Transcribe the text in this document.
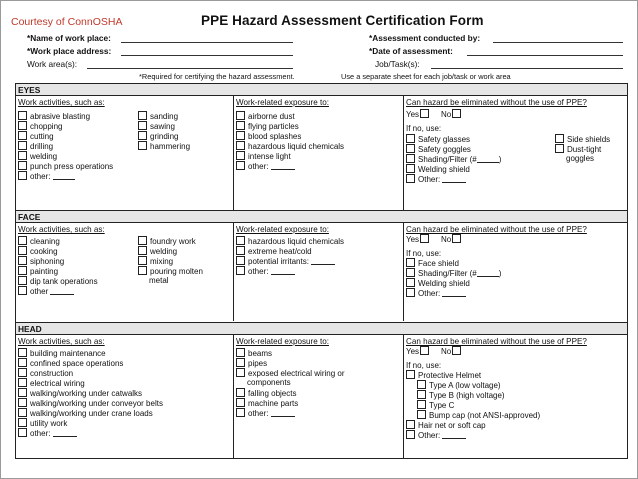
Courtesy of ConnOSHA	PPE Hazard Assessment Certification Form
*Name of work place:
*Work place address:
Work area(s):
*Assessment conducted by:
*Date of assessment:
Job/Task(s):
*Required for certifying the hazard assessment.	Use a separate sheet for each job/task or work area
EYES
Work activities, such as:
abrasive blasting
chopping
cutting
drilling
welding
punch press operations
other:
sanding
sawing
grinding
hammering
Work-related exposure to:
airborne dust
flying particles
blood splashes
hazardous liquid chemicals
intense light
other:
Can hazard be eliminated without the use of PPE?
Yes	No
If no, use:
Safety glasses
Safety goggles
Shading/Filter (#	)
Welding shield
Other:
Side shields
Dust-tight
goggles
FACE
Work activities, such as:
cleaning
cooking
siphoning
painting
dip tank operations
other
foundry work
welding
mixing
pouring molten
metal
Work-related exposure to:
hazardous liquid chemicals
extreme heat/cold
potential irritants:
other:
Can hazard be eliminated without the use of PPE?
Yes	No
If no, use:
Face shield
Shading/Filter (#	)
Welding shield
Other:
HEAD
Work activities, such as:
building maintenance
confined space operations
construction
electrical wiring
walking/working under catwalks
walking/working under conveyor belts
walking/working under crane loads
utility work
other:
Work-related exposure to:
beams
pipes
exposed electrical wiring or
components
falling objects
machine parts
other:
Can hazard be eliminated without the use of PPE?
Yes	No
If no, use:
Protective Helmet
Type A (low voltage)
Type B (high voltage)
Type C
Bump cap (not ANSI-approved)
Hair net or soft cap
Other:
